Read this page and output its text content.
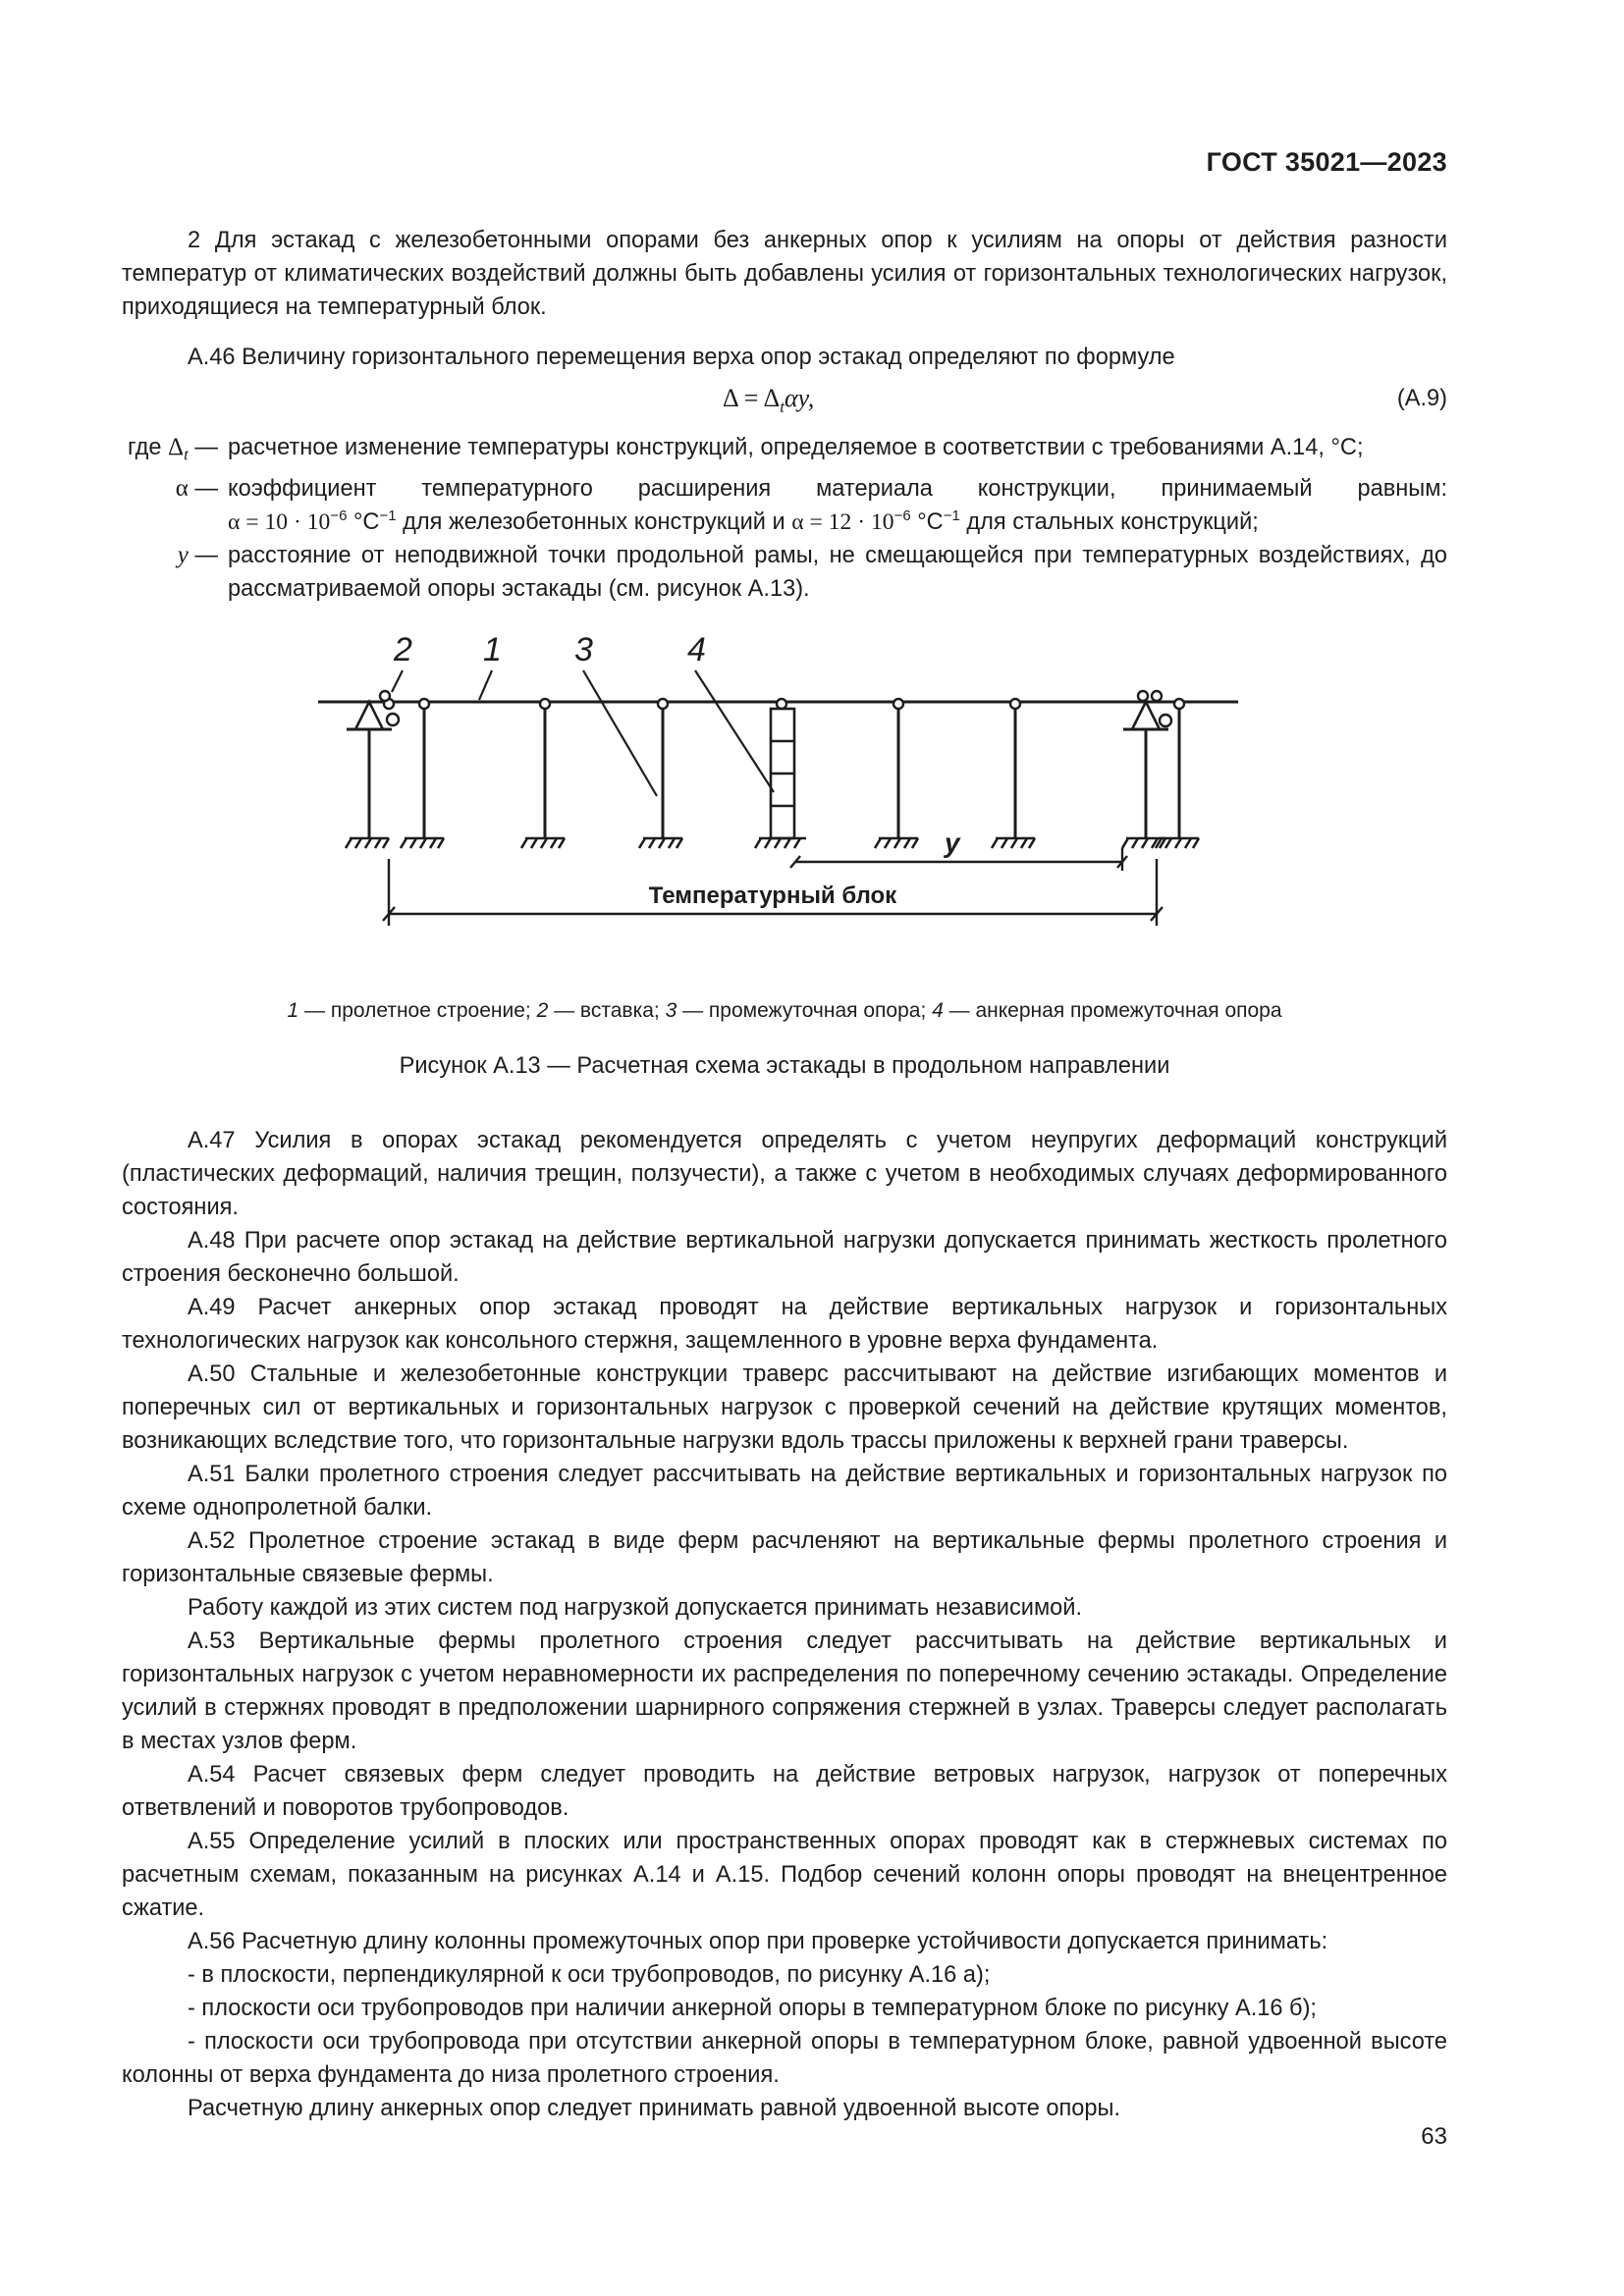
ГОСТ 35021—2023

2 Для эстакад с железобетонными опорами без анкерных опор к усилиям на опоры от действия разности температур от климатических воздействий должны быть добавлены усилия от горизонтальных технологических нагрузок, приходящиеся на температурный блок.

А.46 Величину горизонтального перемещения верха опор эстакад определяют по формуле

$\Delta = \Delta_t\alpha y$,	(А.9)
где $\Delta_t$ — расчетное изменение температуры конструкций, определяемое в соответствии с требованиями А.14, °C;
α — коэффициент температурного расширения материала конструкции, принимаемый равным:
$\alpha = 10 \cdot 10^{-6}$ $^\circ C^{-1}$ для железобетонных конструкций и $\alpha = 12 \cdot 10^{-6}$ $^\circ C^{-1}$ для стальных конструкций;
y — расстояние от неподвижной точки продольной рамы, не смещающейся при температурных воздействиях, до рассматриваемой опоры эстакады (см. рисунок А.13).
2 1 3	4
y
Температурный блок
1 — пролетное строение; 2 — вставка; 3 — промежуточная опора; 4 — анкерная промежуточная опора
Рисунок А.13 — Расчетная схема эстакады в продольном направлении

А.47 Усилия в опорах эстакад рекомендуется определять с учетом неупругих деформаций конструкций (пластических деформаций, наличия трещин, ползучести), а также с учетом в необходимых случаях деформированного состояния.

А.48 При расчете опор эстакад на действие вертикальной нагрузки допускается принимать жесткость пролетного строения бесконечно большой.

А.49 Расчет анкерных опор эстакад проводят на действие вертикальных нагрузок и горизонтальных технологических нагрузок как консольного стержня, защемленного в уровне верха фундамента.

А.50 Стальные и железобетонные конструкции траверс рассчитывают на действие изгибающих моментов и поперечных сил от вертикальных и горизонтальных нагрузок с проверкой сечений на действие крутящих моментов, возникающих вследствие того, что горизонтальные нагрузки вдоль трассы приложены к верхней грани траверсы.

А.51 Балки пролетного строения следует рассчитывать на действие вертикальных и горизонтальных нагрузок по схеме однопролетной балки.

А.52 Пролетное строение эстакад в виде ферм расчленяют на вертикальные фермы пролетного строения и горизонтальные связевые фермы.

Работу каждой из этих систем под нагрузкой допускается принимать независимой.

А.53 Вертикальные фермы пролетного строения следует рассчитывать на действие вертикальных и горизонтальных нагрузок с учетом неравномерности их распределения по поперечному сечению эстакады. Определение усилий в стержнях проводят в предположении шарнирного сопряжения стержней в узлах. Траверсы следует располагать в местах узлов ферм.

А.54 Расчет связевых ферм следует проводить на действие ветровых нагрузок, нагрузок от поперечных ответвлений и поворотов трубопроводов.

А.55 Определение усилий в плоских или пространственных опорах проводят как в стержневых системах по расчетным схемам, показанным на рисунках А.14 и А.15. Подбор сечений колонн опоры проводят на внецентренное сжатие.

А.56 Расчетную длину колонны промежуточных опор при проверке устойчивости допускается принимать:

- в плоскости, перпендикулярной к оси трубопроводов, по рисунку А.16 а);

- плоскости оси трубопроводов при наличии анкерной опоры в температурном блоке по рисунку А.16 б);

- плоскости оси трубопровода при отсутствии анкерной опоры в температурном блоке, равной удвоенной высоте колонны от верха фундамента до низа пролетного строения.

Расчетную длину анкерных опор следует принимать равной удвоенной высоте опоры.

63
